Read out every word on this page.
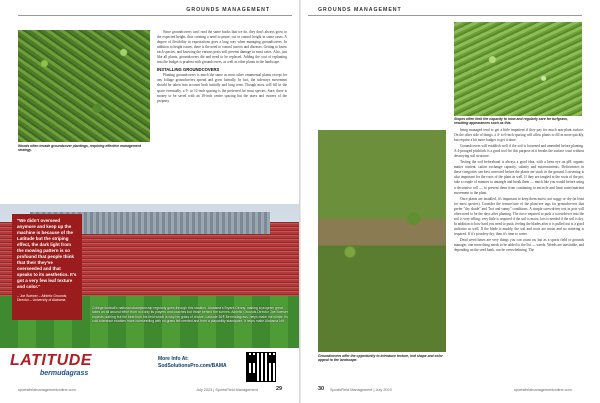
GROUNDS MANAGEMENT
Woods often invade groundcover plantings, requiring effective management strategy.

Since groundcovers can't read the same books that we do, they don't always grow to the expected height, thus creating a need to prune, cut or control height in some cases. A degree of flexibility in expectations goes a long way when managing groundcovers. In addition to height issues, there is the need to control insects and diseases. Getting to know each species, and knowing the various pests will prevent damage in most cases. Also, just like all plants, groundcovers die and need to be replaced. Adding the cost of replanting into the budget is prudent with groundcovers, as well as other plants in the landscape.

INSTALLING GROUNDCOVERS

Planting groundcovers is much the same as most other ornamental plants except for any foliage groundcovers spread and grow laterally. In fact, the sideways movement should be taken into account both initially and long term. Though most will fill in the space eventually, a 9- or 12-inch spacing is the preferred for most species. Sure, there is money to be saved with an 18-inch center spacing but the users and owners of the property.

"We didn't overseed anymore and keep up the machine is because of the Latitude but the striping effect, the dark light from the mowing pattern is so profound that people think that their they've overseeded and that speaks to its aesthetics. It's got a very few leaf texture and color."
– Joe Boewer – Athletic Grounds Director – University of Alabama
College football's national championship regularly goes through this stadium. Alabama's Bryant-Denny, making a program great takes an all around effort from not only its players and coaches but those behind the scenes. Athletic Grounds Director Joe Boewer expects nothing but the best from his field which is why his grass of choice, Latitude 36® Bermudagrass. helps make the winter. Its cold tolerance enables more overseeding with no grass left needed and from a playability standpoint, it helps make Alabama NH.
LATITUDE
bermudagrass
More Info At:
SodSolutionsPro.com/BAMA
sportsfieldmanagementonline.com	July 2023 | SportsField Management	29
GROUNDS MANAGEMENT
Slopes often limit the capacity to mow and regularly care for turfgrass, resulting appearances such as this.

being managed tend to get a little impatient if they pay for much non-plant surface. On the other side of things, a 4- to 6-inch spacing will allow plants to fill in more quickly, but require a bit more budget to get it done.

Groundcovers will establish well if the soil is loosened and amended before planting. A 4-pronged pitchfork is a good tool for this purpose as it breaks the surface crust without destroying soil structure.

Testing the soil beforehand is always a good idea, with a keen eye on pH, organic matter content, cation exchange capacity, salinity and micronutrients. Deficiencies in these categories can best corrected before the plants are stuck in the ground. Loosening is also important for the roots of the plant as well. If they are tangled at the roots of the pot, take a couple of minutes to untangle and break them — much like you would before using a decorative roll — to prevent them from continuing to encircle and limit water/nutrient movement to the plant.

Once plants are installed, it's important to keep them moist, not soggy or dry (at least for most species). Consider the texture/size of the plant-see tags for groundcovers that prefer "dry shade" and "hot and sunny" conditions. A simple screwdriver test in pots will often need to be the days after planting. The force required to push a screwdriver into the soil is very telling: very little is required if the soil is moist, lots is needed if the soil is dry. In addition to how hard you need to push, feeling the blades after it is pulled out is a good indicator as well. If the blade is muddy, the soil and roots are moist and no watering is required. If it's powdery dry, then it's time to water.

Dead weed bases are very things you can count on, but as a sports field or grounds manager, one more thing needs to be added to the list — weeds. Weeds are inevitable, and depending on the seed bank, can be overwhelming. The

Groundcovers offer the opportunity to introduce texture, leaf shape and color appeal to the landscape.
30 SportsField Management | July 2023	sportsfieldmanagementonline.com
